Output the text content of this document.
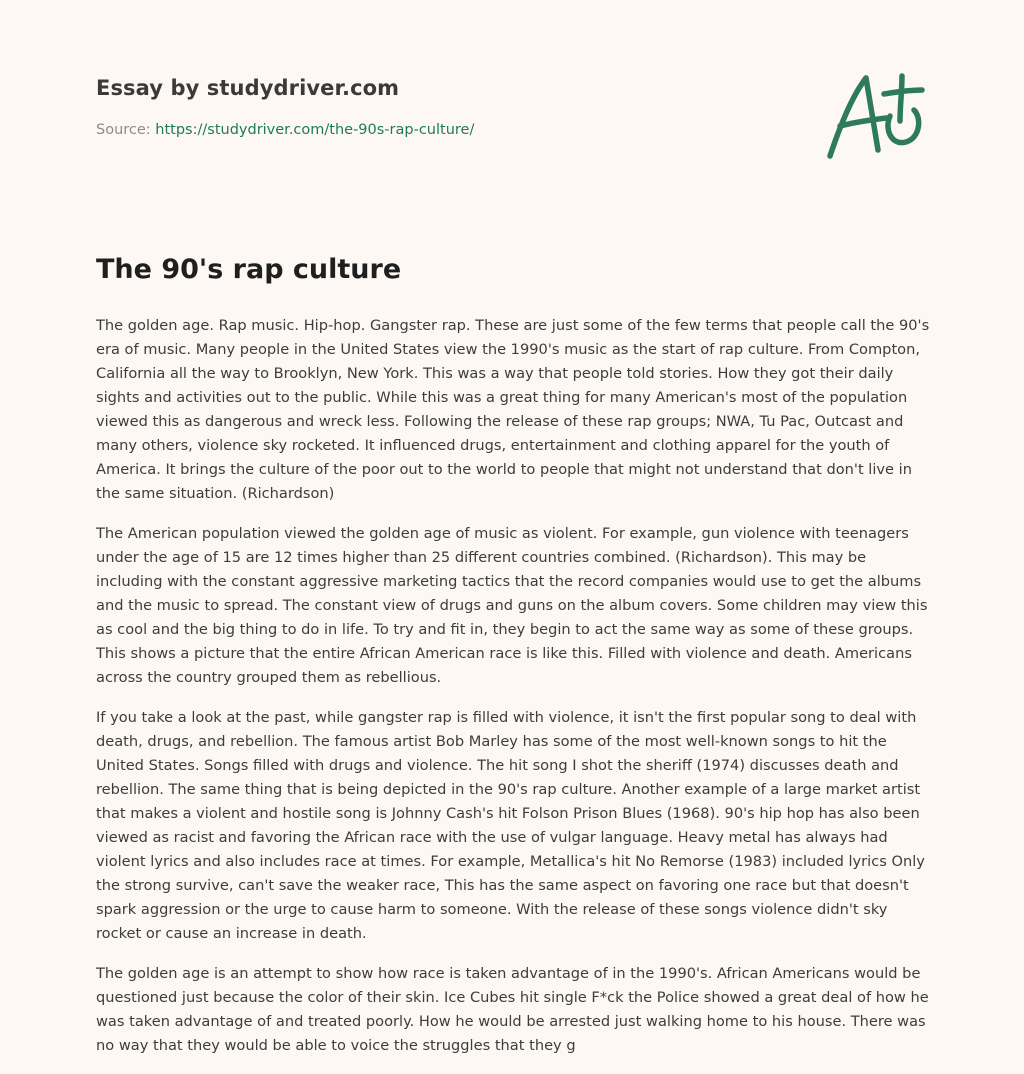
Essay by studydriver.com
Source: https://studydriver.com/the-90s-rap-culture/
The 90's rap culture

The golden age. Rap music. Hip-hop. Gangster rap. These are just some of the few terms that people call the 90's era of music. Many people in the United States view the 1990's music as the start of rap culture. From Compton, California all the way to Brooklyn, New York. This was a way that people told stories. How they got their daily sights and activities out to the public. While this was a great thing for many American's most of the population viewed this as dangerous and wreck less. Following the release of these rap groups; NWA, Tu Pac, Outcast and many others, violence sky rocketed. It influenced drugs, entertainment and clothing apparel for the youth of America. It brings the culture of the poor out to the world to people that might not understand that don't live in the same situation. (Richardson)

The American population viewed the golden age of music as violent. For example, gun violence with teenagers under the age of 15 are 12 times higher than 25 different countries combined. (Richardson). This may be including with the constant aggressive marketing tactics that the record companies would use to get the albums and the music to spread. The constant view of drugs and guns on the album covers. Some children may view this as cool and the big thing to do in life. To try and fit in, they begin to act the same way as some of these groups. This shows a picture that the entire African American race is like this. Filled with violence and death. Americans across the country grouped them as rebellious.

If you take a look at the past, while gangster rap is filled with violence, it isn't the first popular song to deal with death, drugs, and rebellion. The famous artist Bob Marley has some of the most well-known songs to hit the United States. Songs filled with drugs and violence. The hit song I shot the sheriff (1974) discusses death and rebellion. The same thing that is being depicted in the 90's rap culture. Another example of a large market artist that makes a violent and hostile song is Johnny Cash's hit Folson Prison Blues (1968). 90's hip hop has also been viewed as racist and favoring the African race with the use of vulgar language. Heavy metal has always had violent lyrics and also includes race at times. For example, Metallica's hit No Remorse (1983) included lyrics Only the strong survive, can't save the weaker race, This has the same aspect on favoring one race but that doesn't spark aggression or the urge to cause harm to someone. With the release of these songs violence didn't sky rocket or cause an increase in death.

The golden age is an attempt to show how race is taken advantage of in the 1990's. African Americans would be questioned just because the color of their skin. Ice Cubes hit single F*ck the Police showed a great deal of how he was taken advantage of and treated poorly. How he would be arrested just walking home to his house. There was no way that they would be able to voice the struggles that they g
